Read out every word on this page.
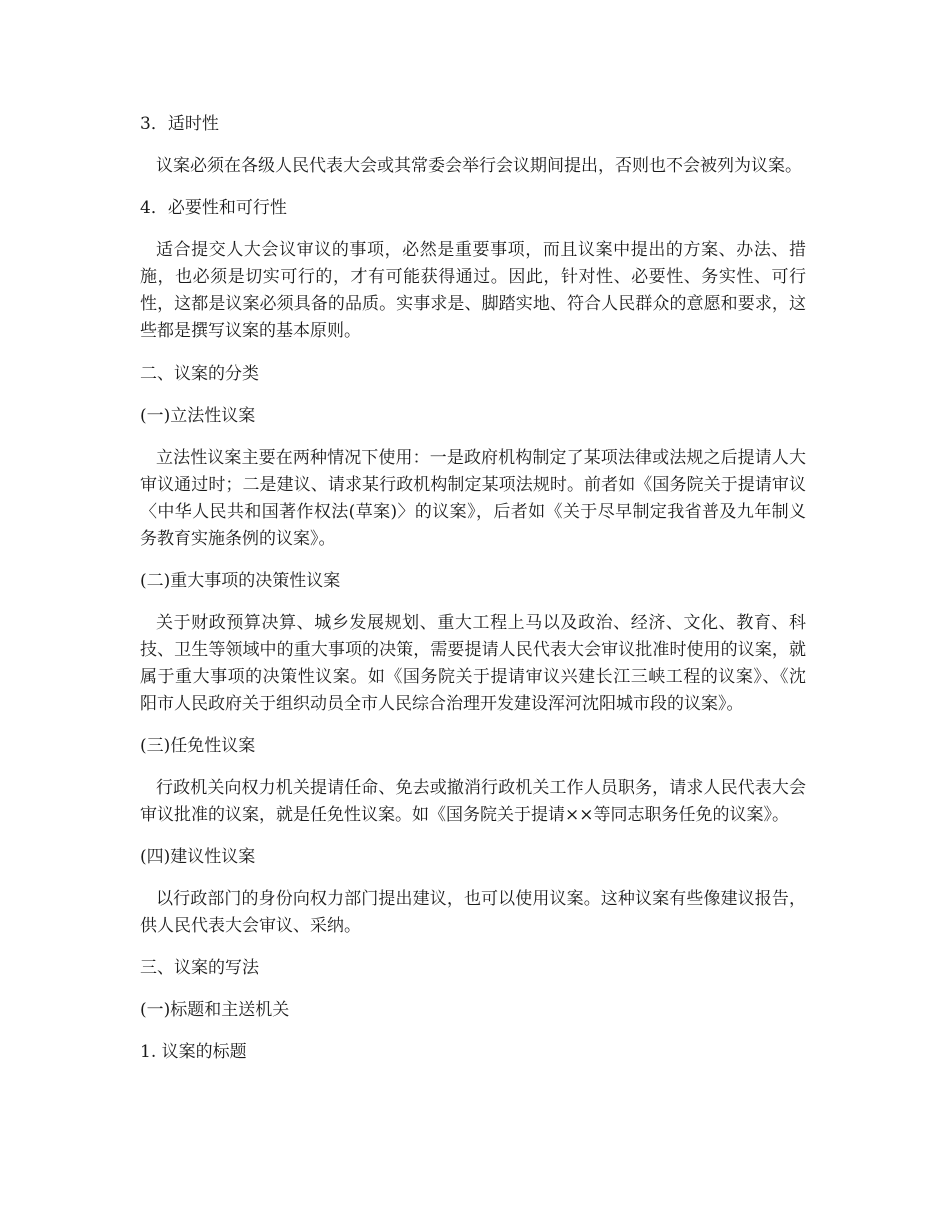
3．适时性
议案必须在各级人民代表大会或其常委会举行会议期间提出，否则也不会被列为议案。
4．必要性和可行性
适合提交人大会议审议的事项，必然是重要事项，而且议案中提出的方案、办法、措
施，也必须是切实可行的，才有可能获得通过。因此，针对性、必要性、务实性、可行
性，这都是议案必须具备的品质。实事求是、脚踏实地、符合人民群众的意愿和要求，这
些都是撰写议案的基本原则。
二、议案的分类
(一)立法性议案
立法性议案主要在两种情况下使用：一是政府机构制定了某项法律或法规之后提请人大
审议通过时；二是建议、请求某行政机构制定某项法规时。前者如《国务院关于提请审议
〈中华人民共和国著作权法(草案)〉的议案》，后者如《关于尽早制定我省普及九年制义
务教育实施条例的议案》。
(二)重大事项的决策性议案
关于财政预算决算、城乡发展规划、重大工程上马以及政治、经济、文化、教育、科
技、卫生等领域中的重大事项的决策，需要提请人民代表大会审议批准时使用的议案，就
属于重大事项的决策性议案。如《国务院关于提请审议兴建长江三峡工程的议案》、《沈
阳市人民政府关于组织动员全市人民综合治理开发建设浑河沈阳城市段的议案》。
(三)任免性议案
行政机关向权力机关提请任命、免去或撤消行政机关工作人员职务，请求人民代表大会
审议批准的议案，就是任免性议案。如《国务院关于提请××等同志职务任免的议案》。
(四)建议性议案
以行政部门的身份向权力部门提出建议，也可以使用议案。这种议案有些像建议报告，
供人民代表大会审议、采纳。
三、议案的写法
(一)标题和主送机关
1. 议案的标题
